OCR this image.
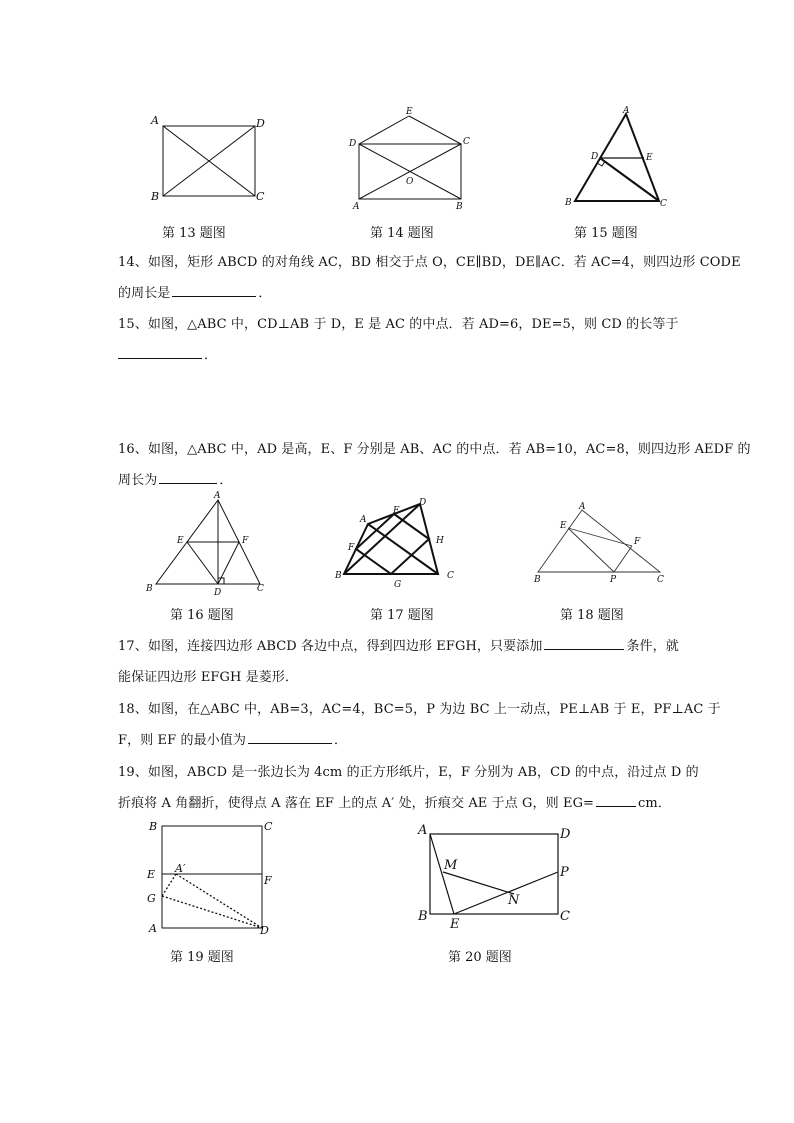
A	D
B	C
第 13 题图
E
D	C
O
A	B
第 14 题图
A
D	E
B	C
第 15 题图
14、如图，矩形 ABCD 的对角线 AC，BD 相交于点 O，CE∥BD，DE∥AC．若 AC=4，则四边形 CODE
的周长是	．
15、如图，△ABC 中，CD⊥AB 于 D，E 是 AC 的中点．若 AD=6，DE=5，则 CD 的长等于
．
16、如图，△ABC 中，AD 是高，E、F 分别是 AB、AC 的中点．若 AB=10，AC=8，则四边形 AEDF 的
周长为	．
A
E	F
B	D	C
第 16 题图
A
E
D
F
H
B
G
C
第 17 题图
A
E
F
B	P	C
第 18 题图
17、如图，连接四边形 ABCD 各边中点，得到四边形 EFGH，只要添加	条件，就
能保证四边形 EFGH 是菱形．
18、如图，在△ABC 中，AB=3，AC=4，BC=5，P 为边 BC 上一动点，PE⊥AB 于 E，PF⊥AC 于
F，则 EF 的最小值为	．
19、如图，ABCD 是一张边长为 4cm 的正方形纸片，E，F 分别为 AB，CD 的中点，沿过点 D 的
折痕将 A 角翻折，使得点 A 落在 EF 上的点 A′ 处，折痕交 AE 于点 G，则 EG=	cm．
B	C
A′
E	F
G
A	D
第 19 题图
A	D
M	P
N
B
E
C
第 20 题图
